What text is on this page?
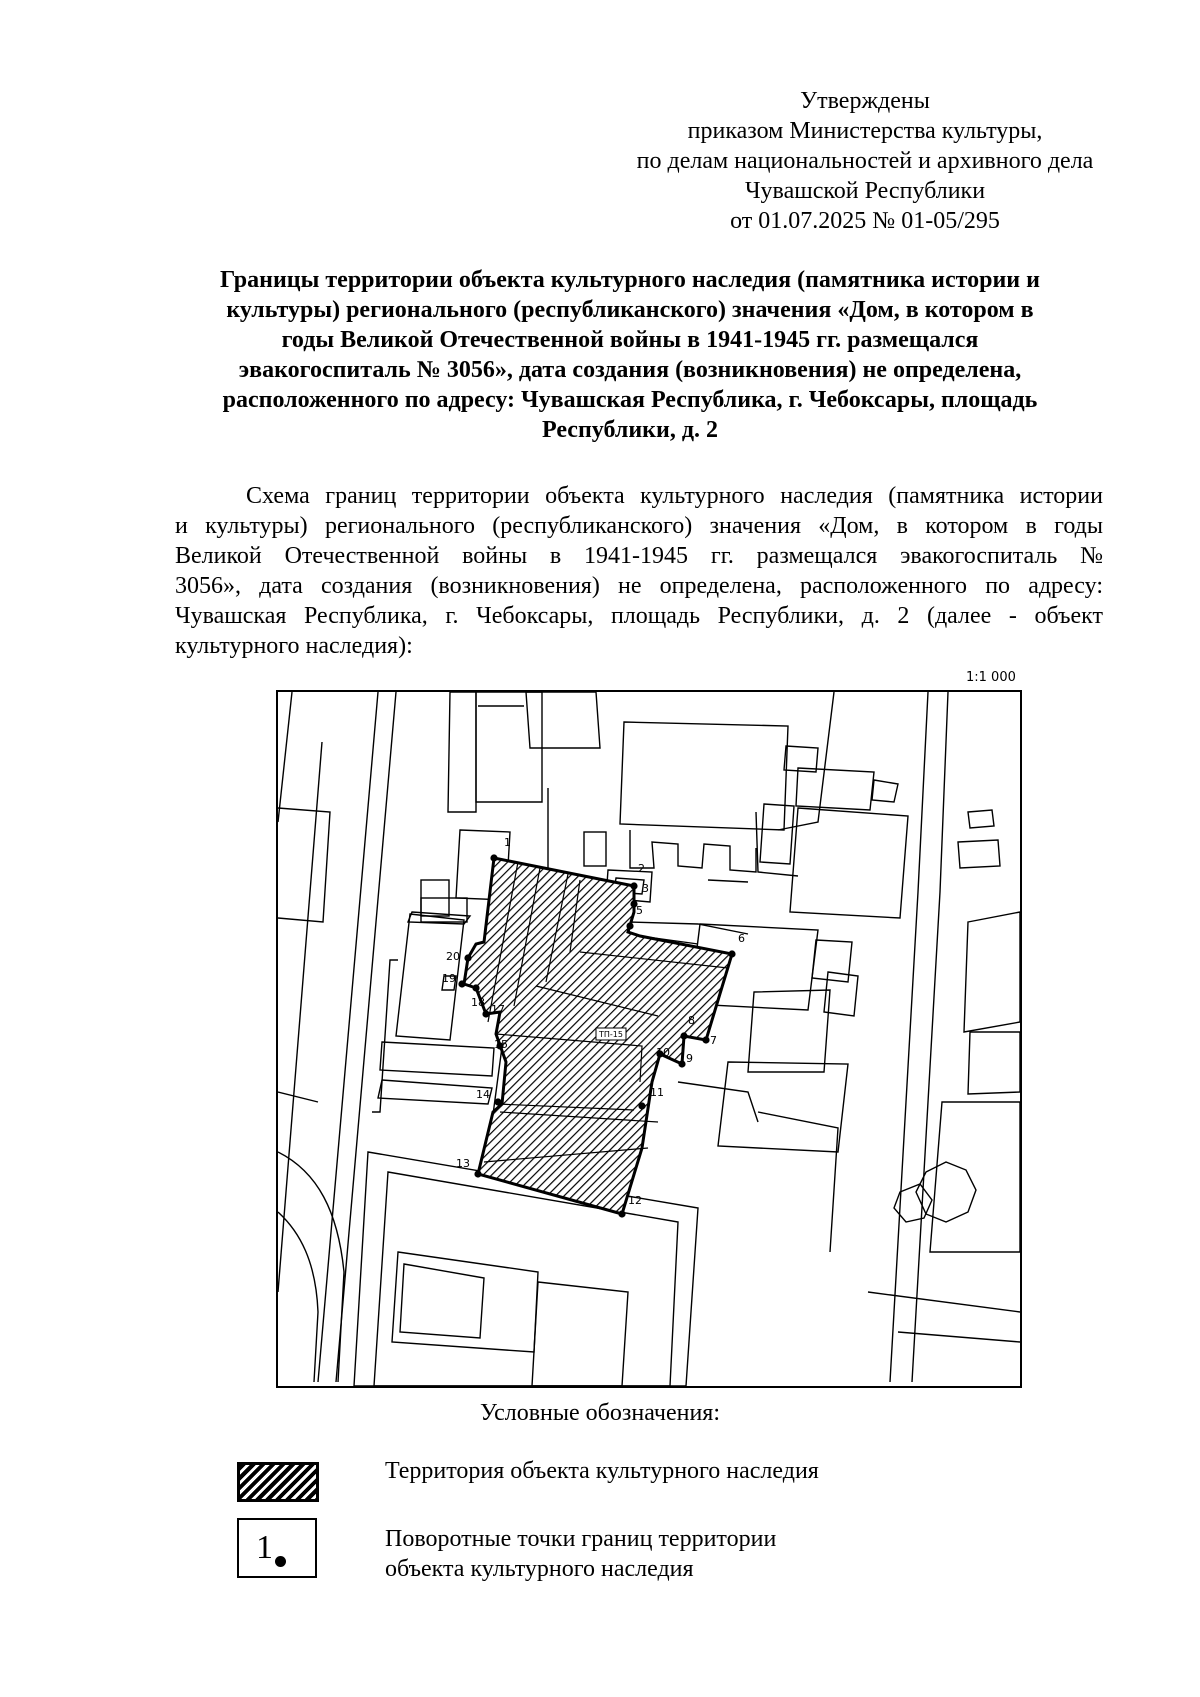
Утверждены
приказом Министерства культуры,
по делам национальностей и архивного дела
Чувашской Республики
от 01.07.2025 № 01-05/295
Границы территории объекта культурного наследия (памятника истории и
культуры) регионального (республиканского) значения «Дом, в котором в
годы Великой Отечественной войны в 1941-1945 гг. размещался
эвакогоспиталь № 3056», дата создания (возникновения) не определена,
расположенного по адресу: Чувашская Республика, г. Чебоксары, площадь
Республики, д. 2
Схема границ территории объекта культурного наследия (памятника истории
и культуры) регионального (республиканского) значения «Дом, в котором в годы
Великой Отечественной войны в 1941-1945 гг. размещался эвакогоспиталь №
3056», дата создания (возникновения) не определена, расположенного по адресу:
Чувашская Республика, г. Чебоксары, площадь Республики, д. 2 (далее - объект
культурного наследия):
1:1 000
ТП-15
1
2
3
5
6
7
8
9
10
11
12
13
14
15
17
18
19
20
Условные обозначения:
Территория объекта культурного наследия
1	Поворотные точки границ территории
объекта культурного наследия
